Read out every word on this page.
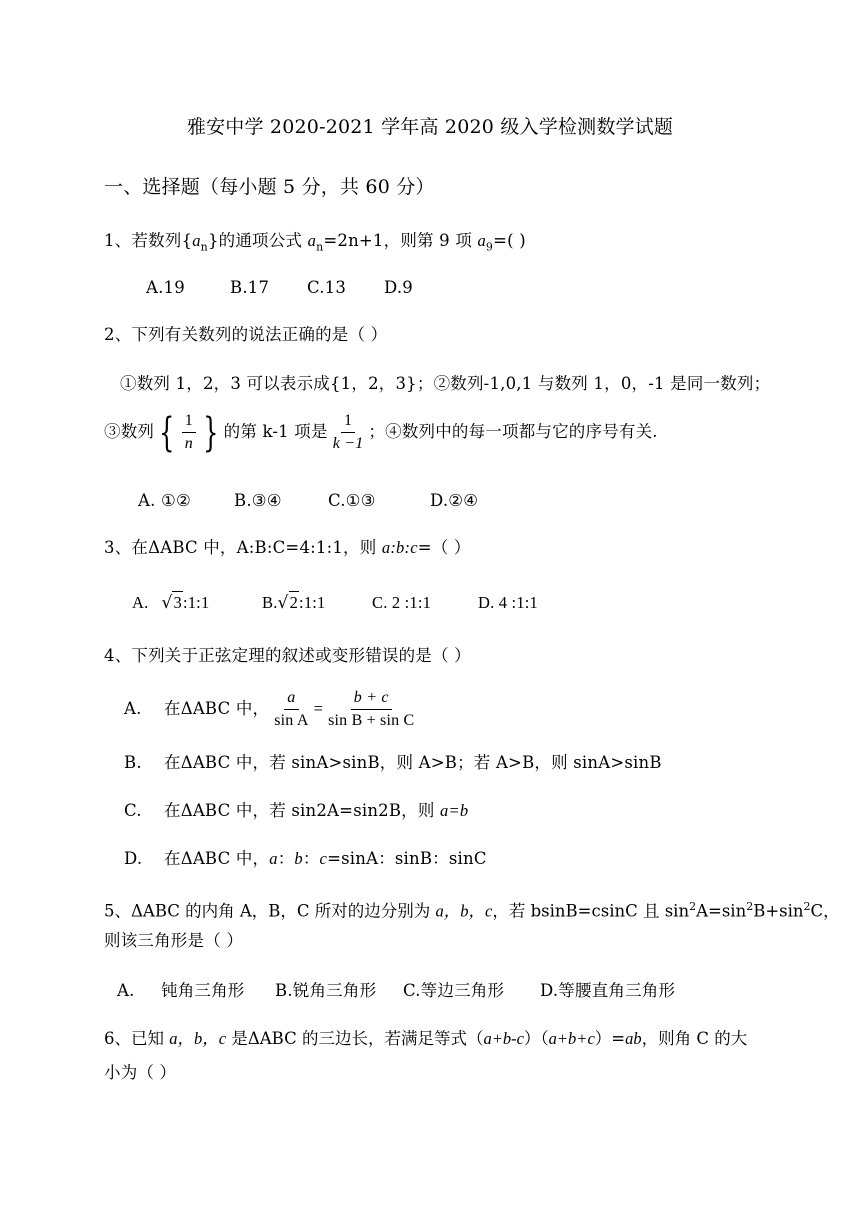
雅安中学 2020-2021 学年高 2020 级入学检测数学试题
一、选择题（每小题 5 分，共 60 分）
1、若数列$\{a_n\}$的通项公式 $a_n=2n+1$，则第 9 项 $a_9=$( )
A.19	B.17 C.13 D.9
2、下列有关数列的说法正确的是（ ）
①数列 1，2，3 可以表示成{1，2，3}；②数列-1,0,1 与数列 1，0，-1 是同一数列；
③数列 { $\frac{1}{n}$ } 的第 k-1 项是 $\frac{1}{k -1}$ ；④数列中的每一项都与它的序号有关.
A. ①②	B.③④	C.①③	D.②④
3、在ΔABC 中，A:B:C=4:1:1，则 a:b:c=（ ）
A. √ 3 :1:1	B. √ 2 :1:1	C. 2 :1:1	D. 4 :1:1
4、下列关于正弦定理的叙述或变形错误的是（ ）
A. 在ΔABC 中， $\frac{a}{\text{sin A}} = \frac{b + c}{\text{sin B + sin C}}$
B. 在ΔABC 中，若 sinA>sinB，则 A>B；若 A>B，则 sinA>sinB
C. 在ΔABC 中，若 sin2A=sin2B，则 a=b
D. 在ΔABC 中，a：b：c=sinA：sinB：sinC
5、ΔABC 的内角 A，B，C 所对的边分别为 a，b，c，若 bsinB=csinC 且 $\sin^2A=\sin^2B+\sin^2C$，
则该三角形是（ ）
A. 钝角三角形 B.锐角三角形 C.等边三角形 D.等腰直角三角形
6、已知 a，b，c 是ΔABC 的三边长，若满足等式（a+b-c）（a+b+c）=ab，则角 C 的大
小为（ ）
